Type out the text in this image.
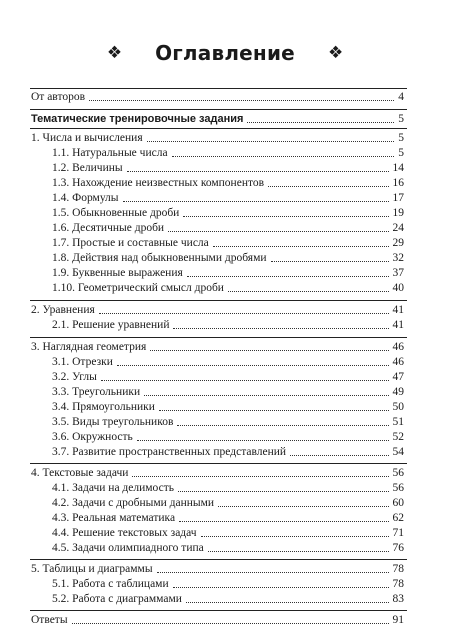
❖ Оглавление ❖
От авторов	4
Тематические тренировочные задания	5
1. Числа и вычисления	5
1.1. Натуральные числа	5
1.2. Величины	14
1.3. Нахождение неизвестных компонентов	16
1.4. Формулы	17
1.5. Обыкновенные дроби	19
1.6. Десятичные дроби	24
1.7. Простые и составные числа	29
1.8. Действия над обыкновенными дробями	32
1.9. Буквенные выражения	37
1.10. Геометрический смысл дроби	40
2. Уравнения	41
2.1. Решение уравнений	41
3. Наглядная геометрия	46
3.1. Отрезки	46
3.2. Углы	47
3.3. Треугольники	49
3.4. Прямоугольники	50
3.5. Виды треугольников	51
3.6. Окружность	52
3.7. Развитие пространственных представлений	54
4. Текстовые задачи	56
4.1. Задачи на делимость	56
4.2. Задачи с дробными данными	60
4.3. Реальная математика	62
4.4. Решение текстовых задач	71
4.5. Задачи олимпиадного типа	76
5. Таблицы и диаграммы	78
5.1. Работа с таблицами	78
5.2. Работа с диаграммами	83
Ответы	91
